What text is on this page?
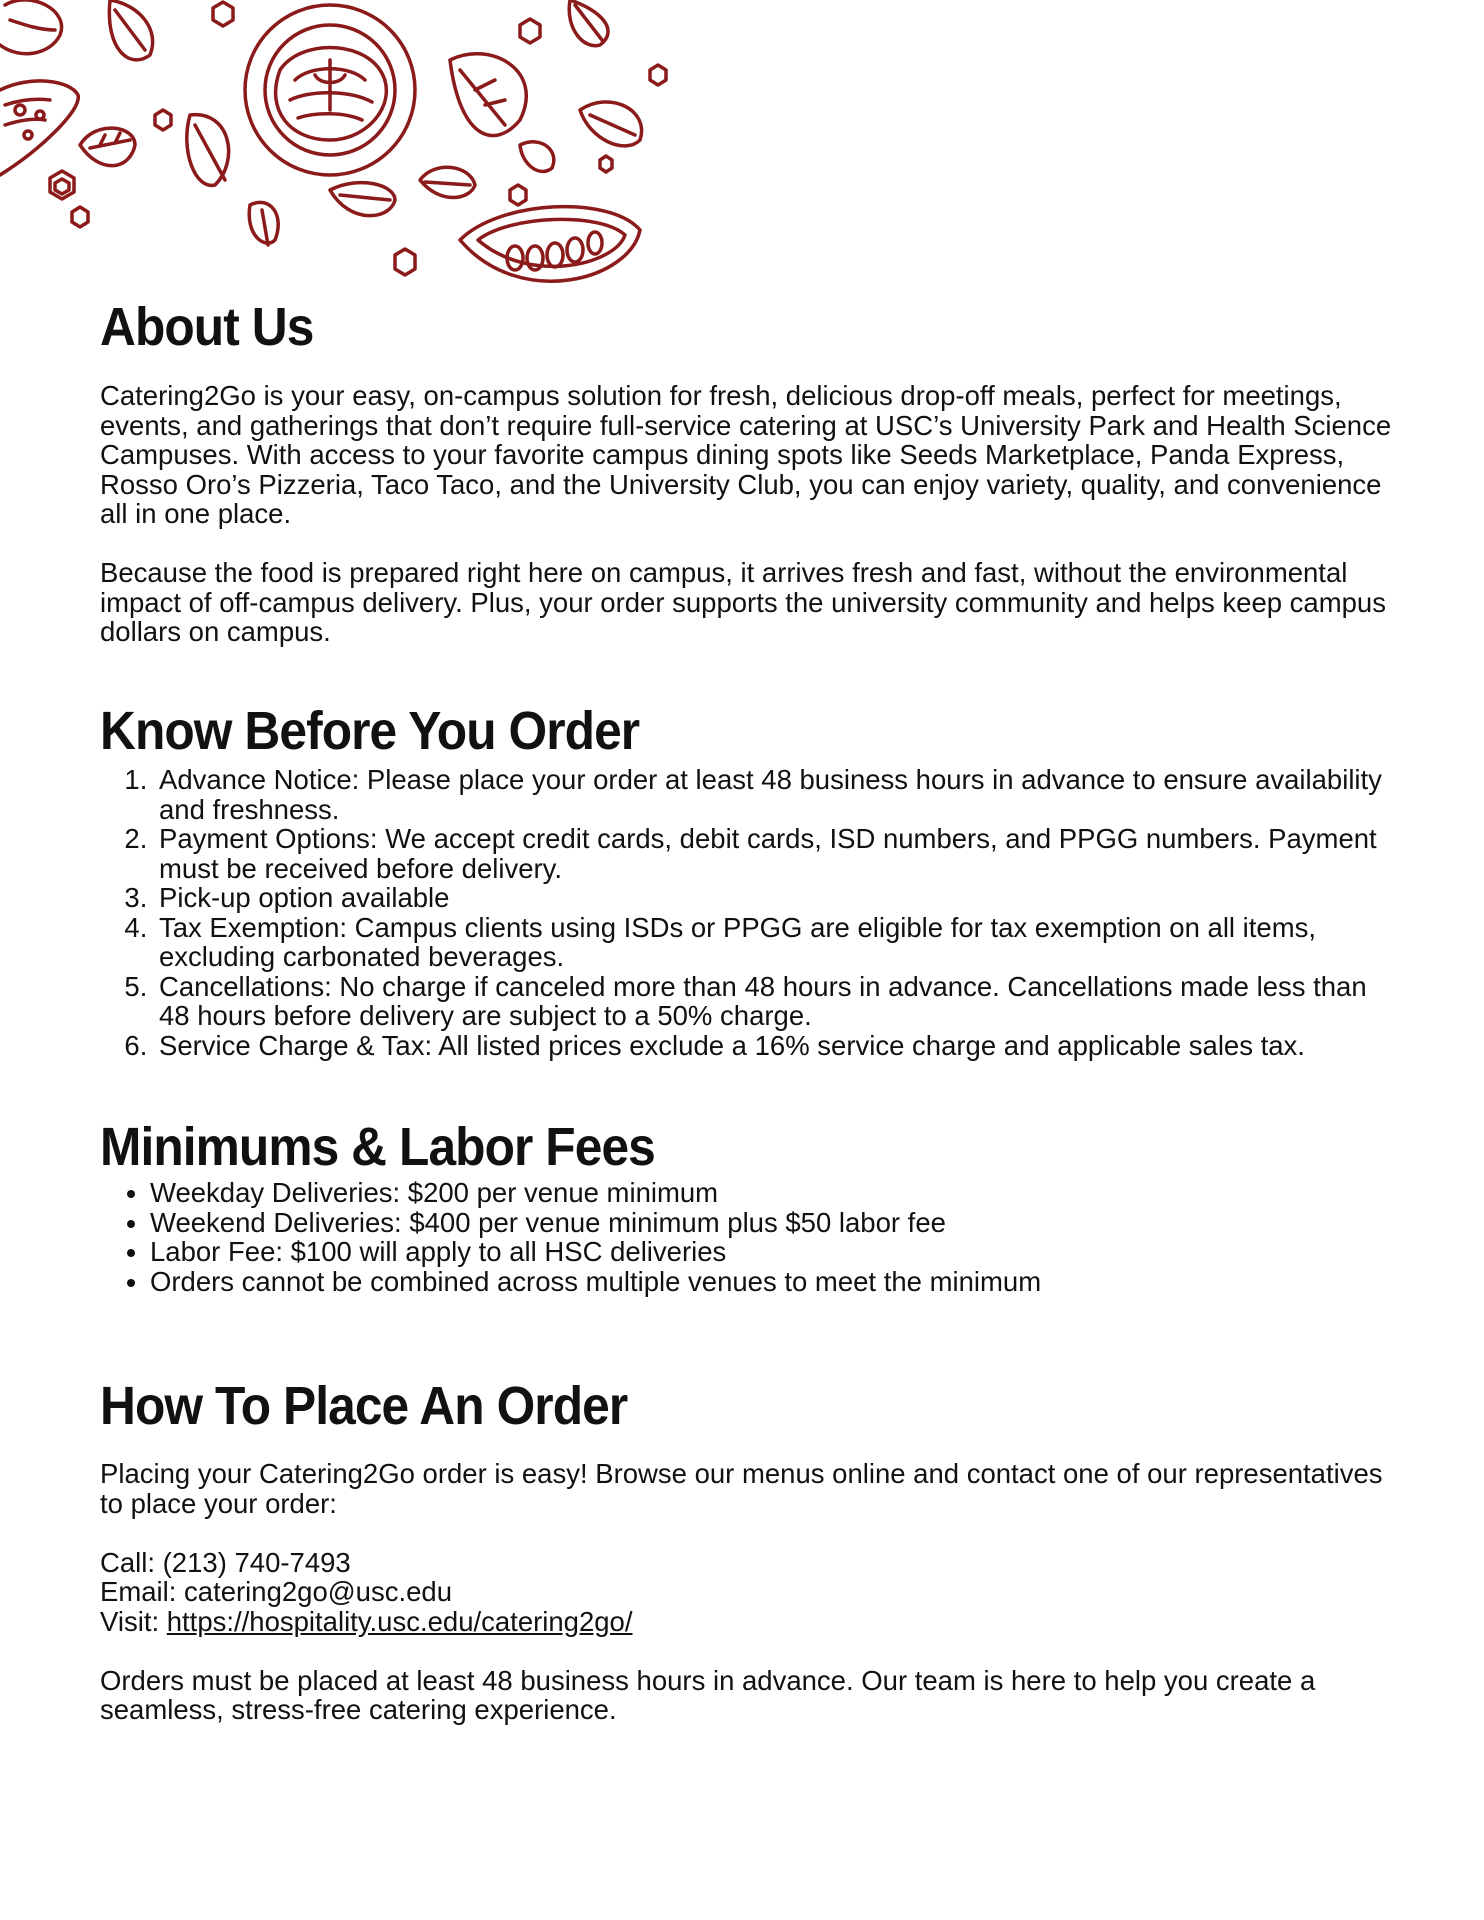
About Us

Catering2Go is your easy, on-campus solution for fresh, delicious drop-off meals, perfect for meetings, events, and gatherings that don’t require full-service catering at USC’s University Park and Health Science Campuses. With access to your favorite campus dining spots like Seeds Marketplace, Panda Express, Rosso Oro’s Pizzeria, Taco Taco, and the University Club, you can enjoy variety, quality, and convenience all in one place.

Because the food is prepared right here on campus, it arrives fresh and fast, without the environmental impact of off-campus delivery. Plus, your order supports the university community and helps keep campus dollars on campus.

Know Before You Order
1. Advance Notice: Please place your order at least 48 business hours in advance to ensure availability and freshness.
2. Payment Options: We accept credit cards, debit cards, ISD numbers, and PPGG numbers. Payment must be received before delivery.
3. Pick-up option available
4. Tax Exemption: Campus clients using ISDs or PPGG are eligible for tax exemption on all items, excluding carbonated beverages.
5. Cancellations: No charge if canceled more than 48 hours in advance. Cancellations made less than 48 hours before delivery are subject to a 50% charge.
6. Service Charge & Tax: All listed prices exclude a 16% service charge and applicable sales tax.
Minimums & Labor Fees
• Weekday Deliveries: $200 per venue minimum
• Weekend Deliveries: $400 per venue minimum plus $50 labor fee
• Labor Fee: $100 will apply to all HSC deliveries
• Orders cannot be combined across multiple venues to meet the minimum
How To Place An Order

Placing your Catering2Go order is easy! Browse our menus online and contact one of our representatives to place your order:

Call: (213) 740-7493

Email: catering2go@usc.edu

Visit: https://hospitality.usc.edu/catering2go/

Orders must be placed at least 48 business hours in advance. Our team is here to help you create a seamless, stress-free catering experience.
